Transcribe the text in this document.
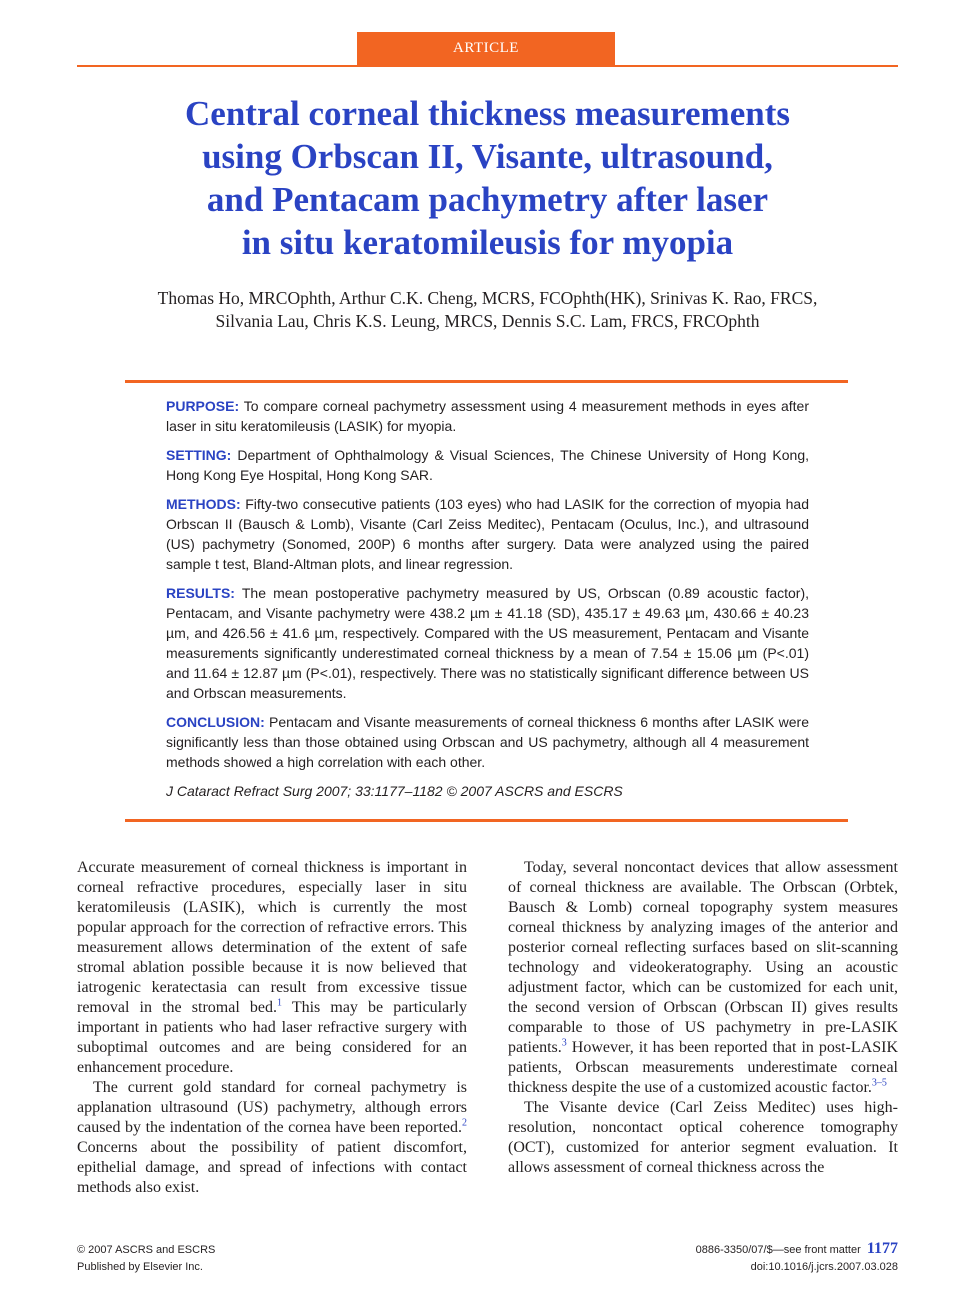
ARTICLE
Central corneal thickness measurements
using Orbscan II, Visante, ultrasound,
and Pentacam pachymetry after laser
in situ keratomileusis for myopia
Thomas Ho, MRCOphth, Arthur C.K. Cheng, MCRS, FCOphth(HK), Srinivas K. Rao, FRCS,
Silvania Lau, Chris K.S. Leung, MRCS, Dennis S.C. Lam, FRCS, FRCOphth

PURPOSE: To compare corneal pachymetry assessment using 4 measurement methods in eyes after laser in situ keratomileusis (LASIK) for myopia.

SETTING: Department of Ophthalmology & Visual Sciences, The Chinese University of Hong Kong, Hong Kong Eye Hospital, Hong Kong SAR.

METHODS: Fifty-two consecutive patients (103 eyes) who had LASIK for the correction of myopia had Orbscan II (Bausch & Lomb), Visante (Carl Zeiss Meditec), Pentacam (Oculus, Inc.), and ultrasound (US) pachymetry (Sonomed, 200P) 6 months after surgery. Data were analyzed using the paired sample t test, Bland-Altman plots, and linear regression.

RESULTS: The mean postoperative pachymetry measured by US, Orbscan (0.89 acoustic factor), Pentacam, and Visante pachymetry were 438.2 µm ± 41.18 (SD), 435.17 ± 49.63 µm, 430.66 ± 40.23 µm, and 426.56 ± 41.6 µm, respectively. Compared with the US measurement, Pentacam and Visante measurements significantly underestimated corneal thickness by a mean of 7.54 ± 15.06 µm (P<.01) and 11.64 ± 12.87 µm (P<.01), respectively. There was no statistically significant difference between US and Orbscan measurements.

CONCLUSION: Pentacam and Visante measurements of corneal thickness 6 months after LASIK were significantly less than those obtained using Orbscan and US pachymetry, although all 4 measurement methods showed a high correlation with each other.

J Cataract Refract Surg 2007; 33:1177–1182 © 2007 ASCRS and ESCRS

Accurate measurement of corneal thickness is important in corneal refractive procedures, especially laser in situ keratomileusis (LASIK), which is currently the most popular approach for the correction of refractive errors. This measurement allows determination of the extent of safe stromal ablation possible because it is now believed that iatrogenic keratectasia can result from excessive tissue removal in the stromal bed.$^1$ This may be particularly important in patients who had laser refractive surgery with suboptimal outcomes and are being considered for an enhancement procedure.

The current gold standard for corneal pachymetry is applanation ultrasound (US) pachymetry, although errors caused by the indentation of the cornea have been reported.$^2$ Concerns about the possibility of patient discomfort, epithelial damage, and spread of infections with contact methods also exist.

Today, several noncontact devices that allow assessment of corneal thickness are available. The Orbscan (Orbtek, Bausch & Lomb) corneal topography system measures corneal thickness by analyzing images of the anterior and posterior corneal reflecting surfaces based on slit-scanning technology and videokeratography. Using an acoustic adjustment factor, which can be customized for each unit, the second version of Orbscan (Orbscan II) gives results comparable to those of US pachymetry in pre-LASIK patients.$^3$ However, it has been reported that in post-LASIK patients, Orbscan measurements underestimate corneal thickness despite the use of a customized acoustic factor.$^{3-5}$

The Visante device (Carl Zeiss Meditec) uses high-resolution, noncontact optical coherence tomography (OCT), customized for anterior segment evaluation. It allows assessment of corneal thickness across the

© 2007 ASCRS and ESCRS
Published by Elsevier Inc.
0886-3350/07/$—see front matter 1177
doi:10.1016/j.jcrs.2007.03.028
